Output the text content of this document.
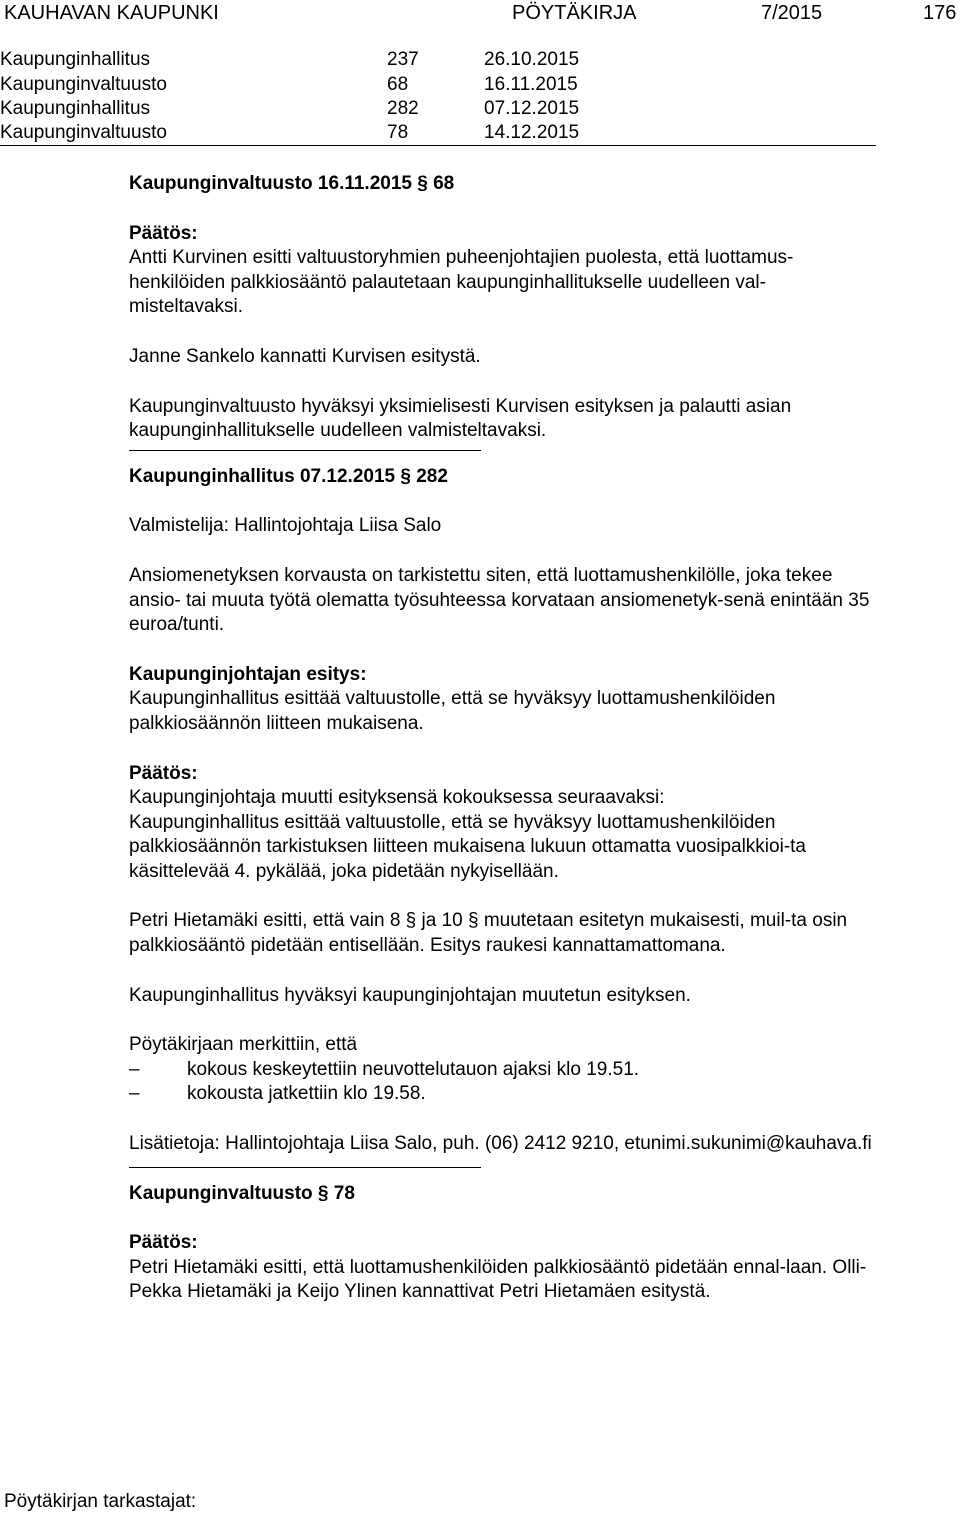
KAUHAVAN KAUPUNKI	PÖYTÄKIRJA	7/2015	176
Kaupunginhallitus	237	26.10.2015
Kaupunginvaltuusto	68	16.11.2015
Kaupunginhallitus	282	07.12.2015
Kaupunginvaltuusto	78	14.12.2015

Kaupunginvaltuusto 16.11.2015 § 68

Päätös:

Antti Kurvinen esitti valtuustoryhmien puheenjohtajien puolesta, että luottamus-henkilöiden palkkiosääntö palautetaan kaupunginhallitukselle uudelleen val-misteltavaksi.

Janne Sankelo kannatti Kurvisen esitystä.

Kaupunginvaltuusto hyväksyi yksimielisesti Kurvisen esityksen ja palautti asian kaupunginhallitukselle uudelleen valmisteltavaksi.

Kaupunginhallitus 07.12.2015 § 282

Valmistelija: Hallintojohtaja Liisa Salo

Ansiomenetyksen korvausta on tarkistettu siten, että luottamushenkilölle, joka tekee ansio- tai muuta työtä olematta työsuhteessa korvataan ansiomenetyk-senä enintään 35 euroa/tunti.

Kaupunginjohtajan esitys:

Kaupunginhallitus esittää valtuustolle, että se hyväksyy luottamushenkilöiden palkkiosäännön liitteen mukaisena.

Päätös:

Kaupunginjohtaja muutti esityksensä kokouksessa seuraavaksi:

Kaupunginhallitus esittää valtuustolle, että se hyväksyy luottamushenkilöiden palkkiosäännön tarkistuksen liitteen mukaisena lukuun ottamatta vuosipalkkioi-ta käsittelevää 4. pykälää, joka pidetään nykyisellään.

Petri Hietamäki esitti, että vain 8 § ja 10 § muutetaan esitetyn mukaisesti, muil-ta osin palkkiosääntö pidetään entisellään. Esitys raukesi kannattamattomana.

Kaupunginhallitus hyväksyi kaupunginjohtajan muutetun esityksen.

Pöytäkirjaan merkittiin, että

– kokous keskeytettiin neuvottelutauon ajaksi klo 19.51.

– kokousta jatkettiin klo 19.58.

Lisätietoja: Hallintojohtaja Liisa Salo, puh. (06) 2412 9210, etunimi.sukunimi@kauhava.fi

Kaupunginvaltuusto § 78

Päätös:

Petri Hietamäki esitti, että luottamushenkilöiden palkkiosääntö pidetään ennal-laan. Olli-Pekka Hietamäki ja Keijo Ylinen kannattivat Petri Hietamäen esitystä.

Pöytäkirjan tarkastajat:
